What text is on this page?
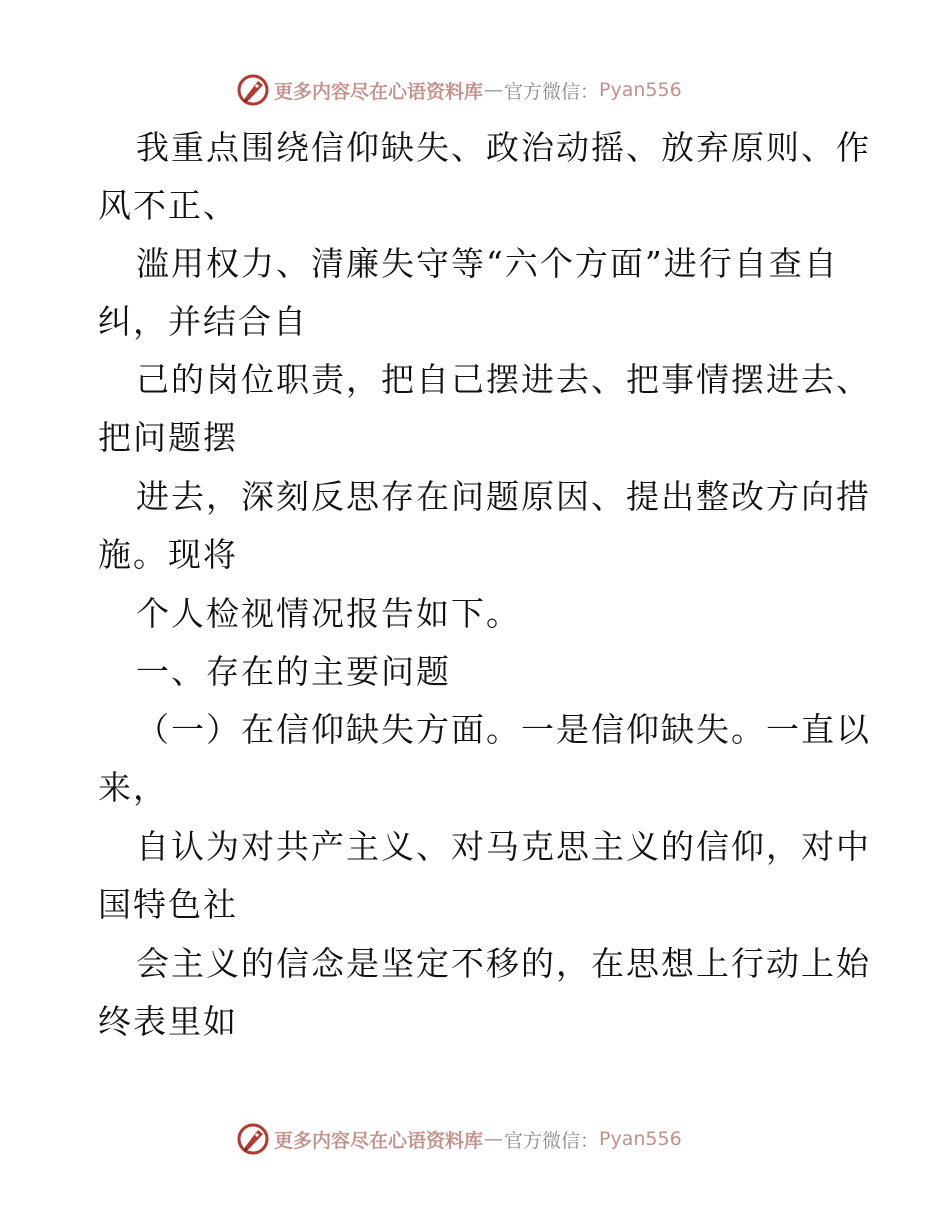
更多内容尽在心语资料库 — 官方微信： Pyan556
我重点围绕信仰缺失、政治动摇、放弃原则、作
风不正、
滥用权力、清廉失守等“六个方面”进行自查自
纠，并结合自
己的岗位职责，把自己摆进去、把事情摆进去、
把问题摆
进去，深刻反思存在问题原因、提出整改方向措
施。现将
个人检视情况报告如下。
一、存在的主要问题
（一）在信仰缺失方面。一是信仰缺失。一直以
来，
自认为对共产主义、对马克思主义的信仰，对中
国特色社
会主义的信念是坚定不移的，在思想上行动上始
终表里如
更多内容尽在心语资料库 — 官方微信： Pyan556
